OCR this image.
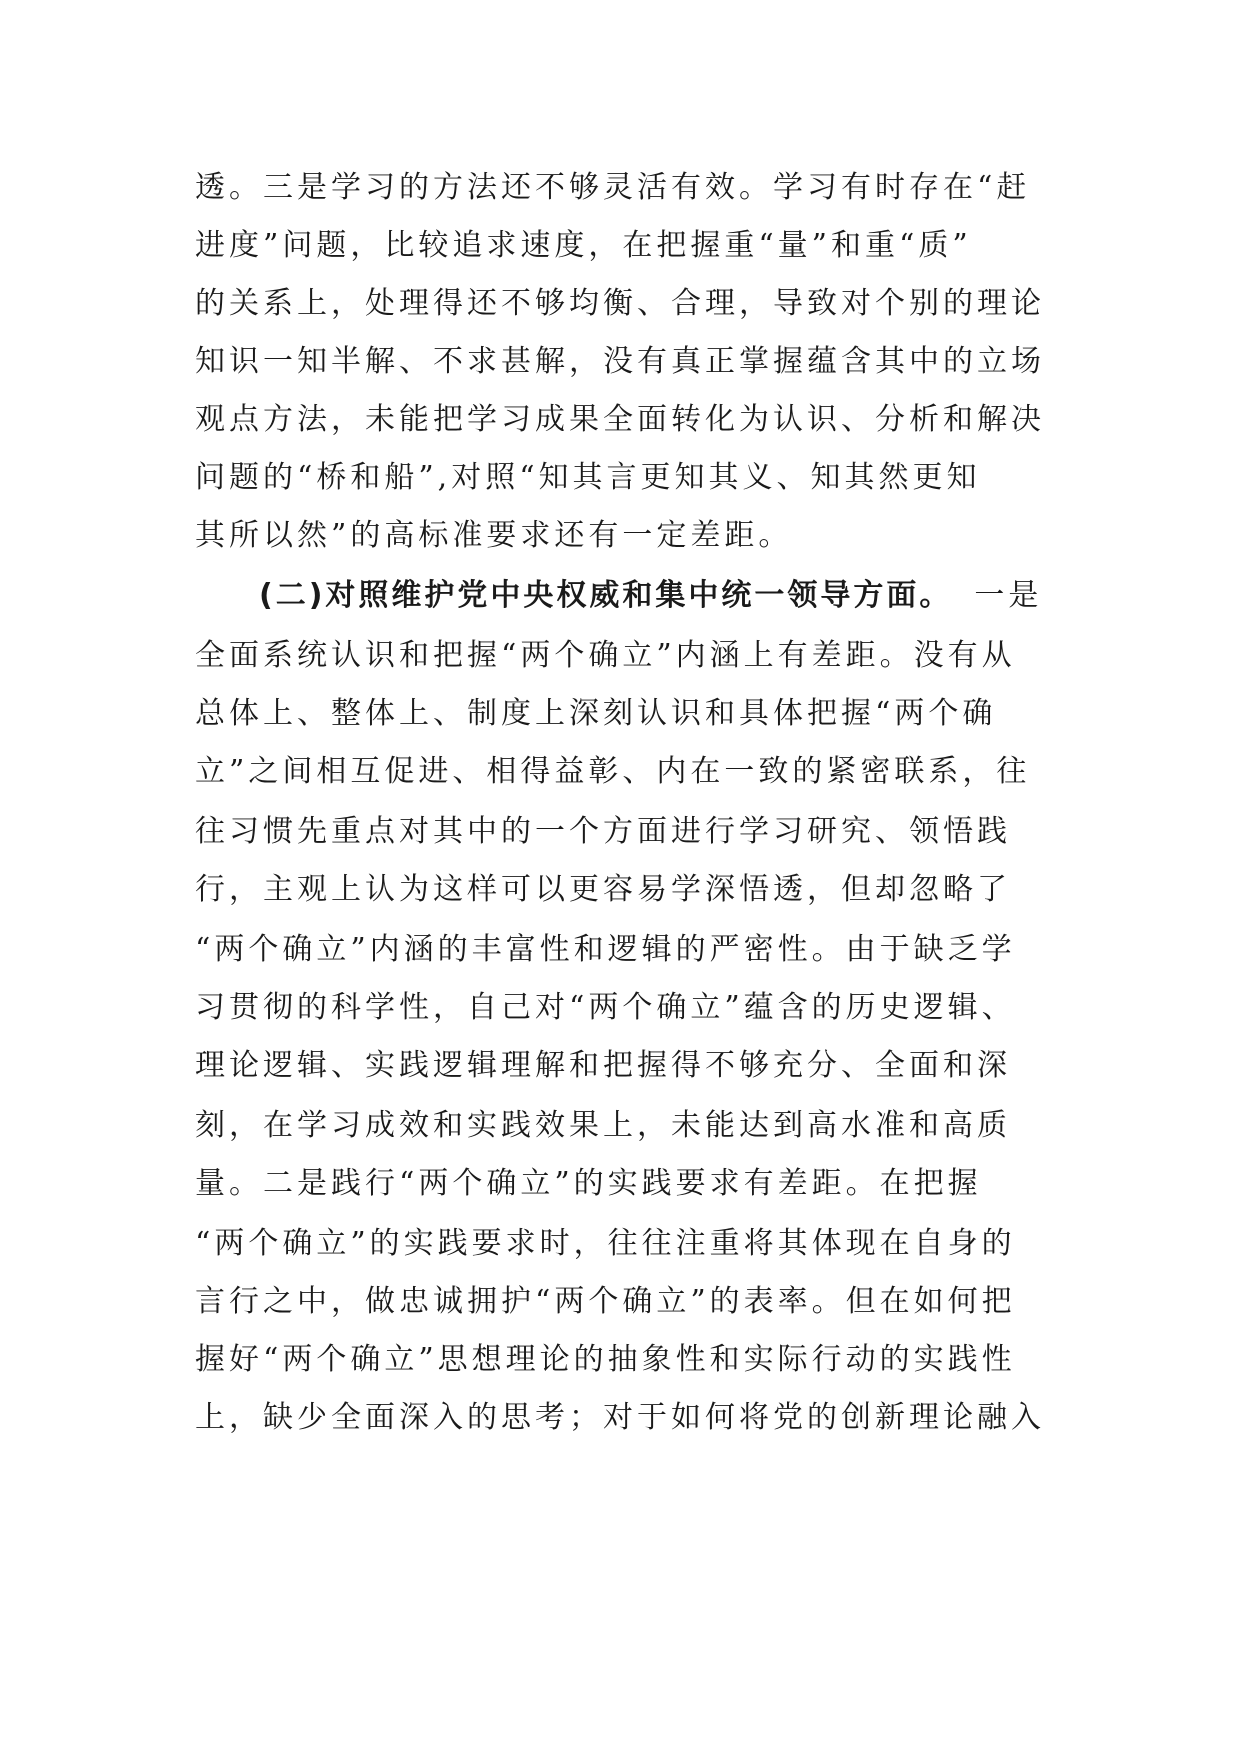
透。三是学习的方法还不够灵活有效。学习有时存在“赶
进度”问题，比较追求速度，在把握重“量”和重“质”
的关系上，处理得还不够均衡、合理，导致对个别的理论
知识一知半解、不求甚解，没有真正掌握蕴含其中的立场
观点方法，未能把学习成果全面转化为认识、分析和解决
问题的“桥和船”,对照“知其言更知其义、知其然更知
其所以然”的高标准要求还有一定差距。
(二)对照维护党中央权威和集中统一领导方面。 一是
全面系统认识和把握“两个确立”内涵上有差距。没有从
总体上、整体上、制度上深刻认识和具体把握“两个确
立”之间相互促进、相得益彰、内在一致的紧密联系，往
往习惯先重点对其中的一个方面进行学习研究、领悟践
行，主观上认为这样可以更容易学深悟透，但却忽略了
“两个确立”内涵的丰富性和逻辑的严密性。由于缺乏学
习贯彻的科学性，自己对“两个确立”蕴含的历史逻辑、
理论逻辑、实践逻辑理解和把握得不够充分、全面和深
刻，在学习成效和实践效果上，未能达到高水准和高质
量。二是践行“两个确立”的实践要求有差距。在把握
“两个确立”的实践要求时，往往注重将其体现在自身的
言行之中，做忠诚拥护“两个确立”的表率。但在如何把
握好“两个确立”思想理论的抽象性和实际行动的实践性
上，缺少全面深入的思考；对于如何将党的创新理论融入
